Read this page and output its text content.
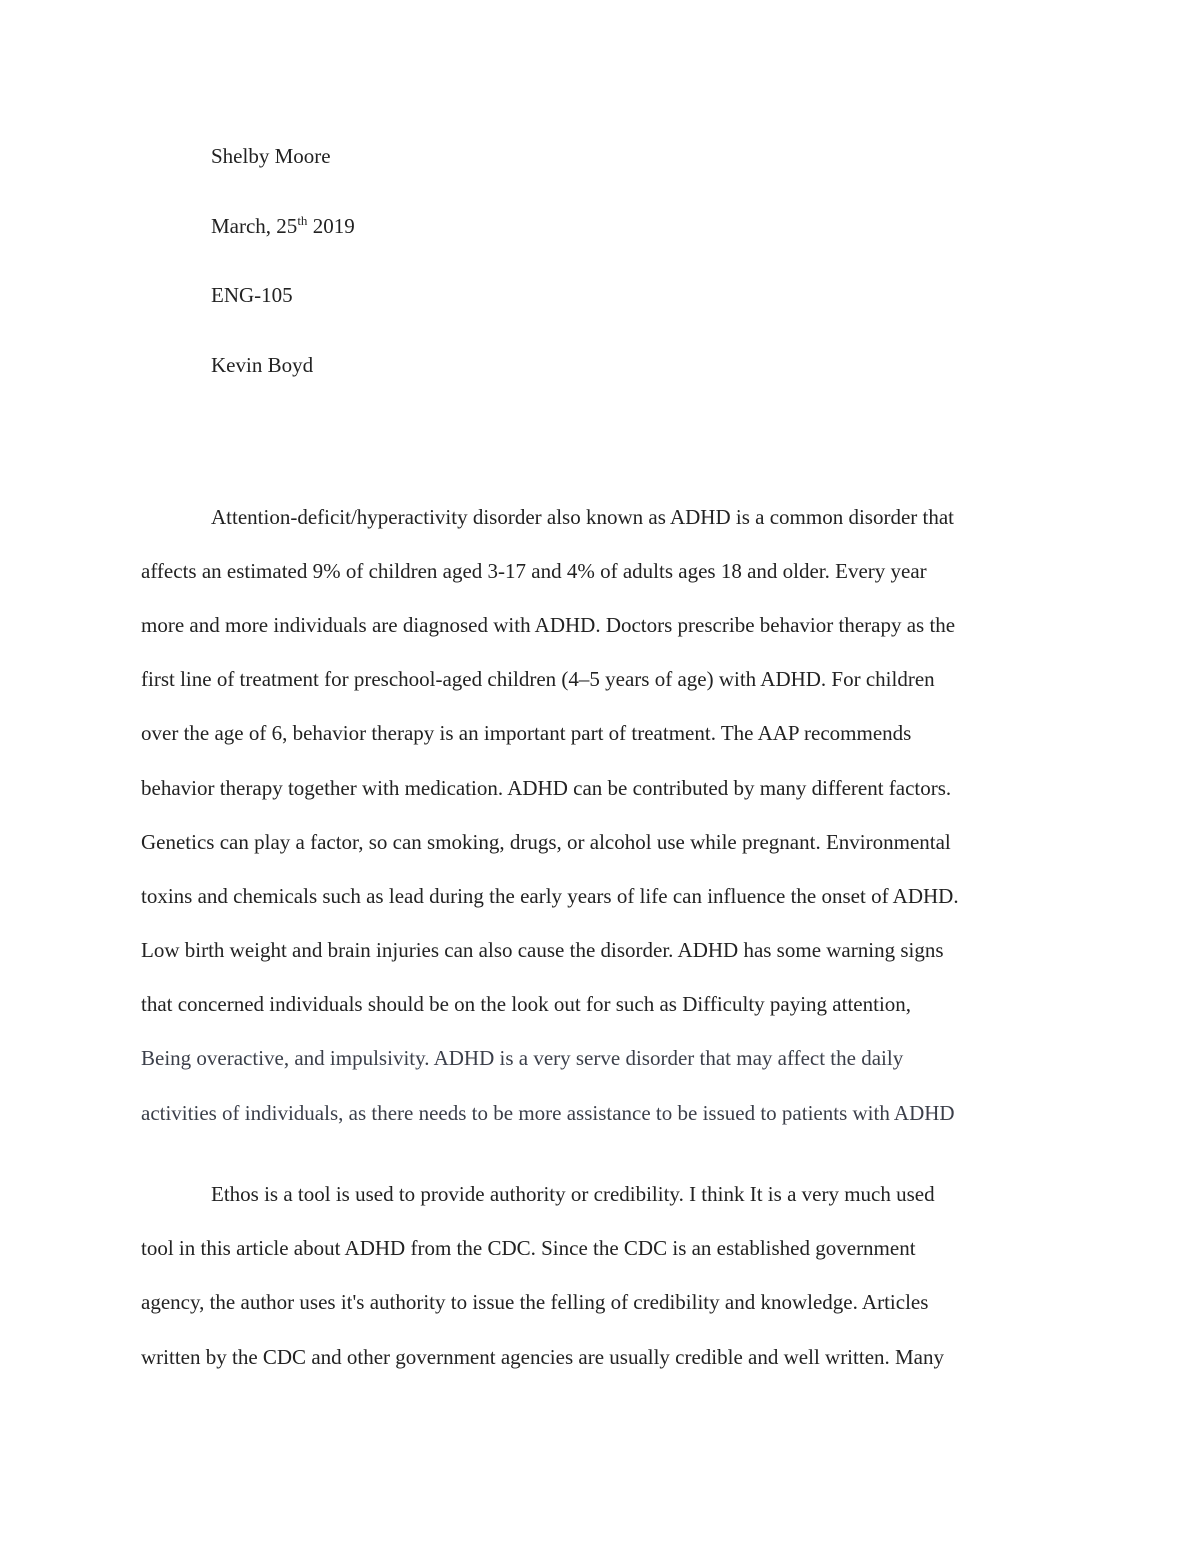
Shelby Moore
March, 25th 2019
ENG-105
Kevin Boyd
Attention-deficit/hyperactivity disorder also known as ADHD is a common disorder that
affects an estimated 9% of children aged 3-17 and 4% of adults ages 18 and older. Every year
more and more individuals are diagnosed with ADHD. Doctors prescribe behavior therapy as the
first line of treatment for preschool-aged children (4–5 years of age) with ADHD. For children
over the age of 6, behavior therapy is an important part of treatment. The AAP recommends
behavior therapy together with medication. ADHD can be contributed by many different factors.
Genetics can play a factor, so can smoking, drugs, or alcohol use while pregnant. Environmental
toxins and chemicals such as lead during the early years of life can influence the onset of ADHD.
Low birth weight and brain injuries can also cause the disorder. ADHD has some warning signs
that concerned individuals should be on the look out for such as Difficulty paying attention,
Being overactive, and impulsivity. ADHD is a very serve disorder that may affect the daily
activities of individuals, as there needs to be more assistance to be issued to patients with ADHD
Ethos is a tool is used to provide authority or credibility. I think It is a very much used
tool in this article about ADHD from the CDC. Since the CDC is an established government
agency, the author uses it's authority to issue the felling of credibility and knowledge. Articles
written by the CDC and other government agencies are usually credible and well written. Many
